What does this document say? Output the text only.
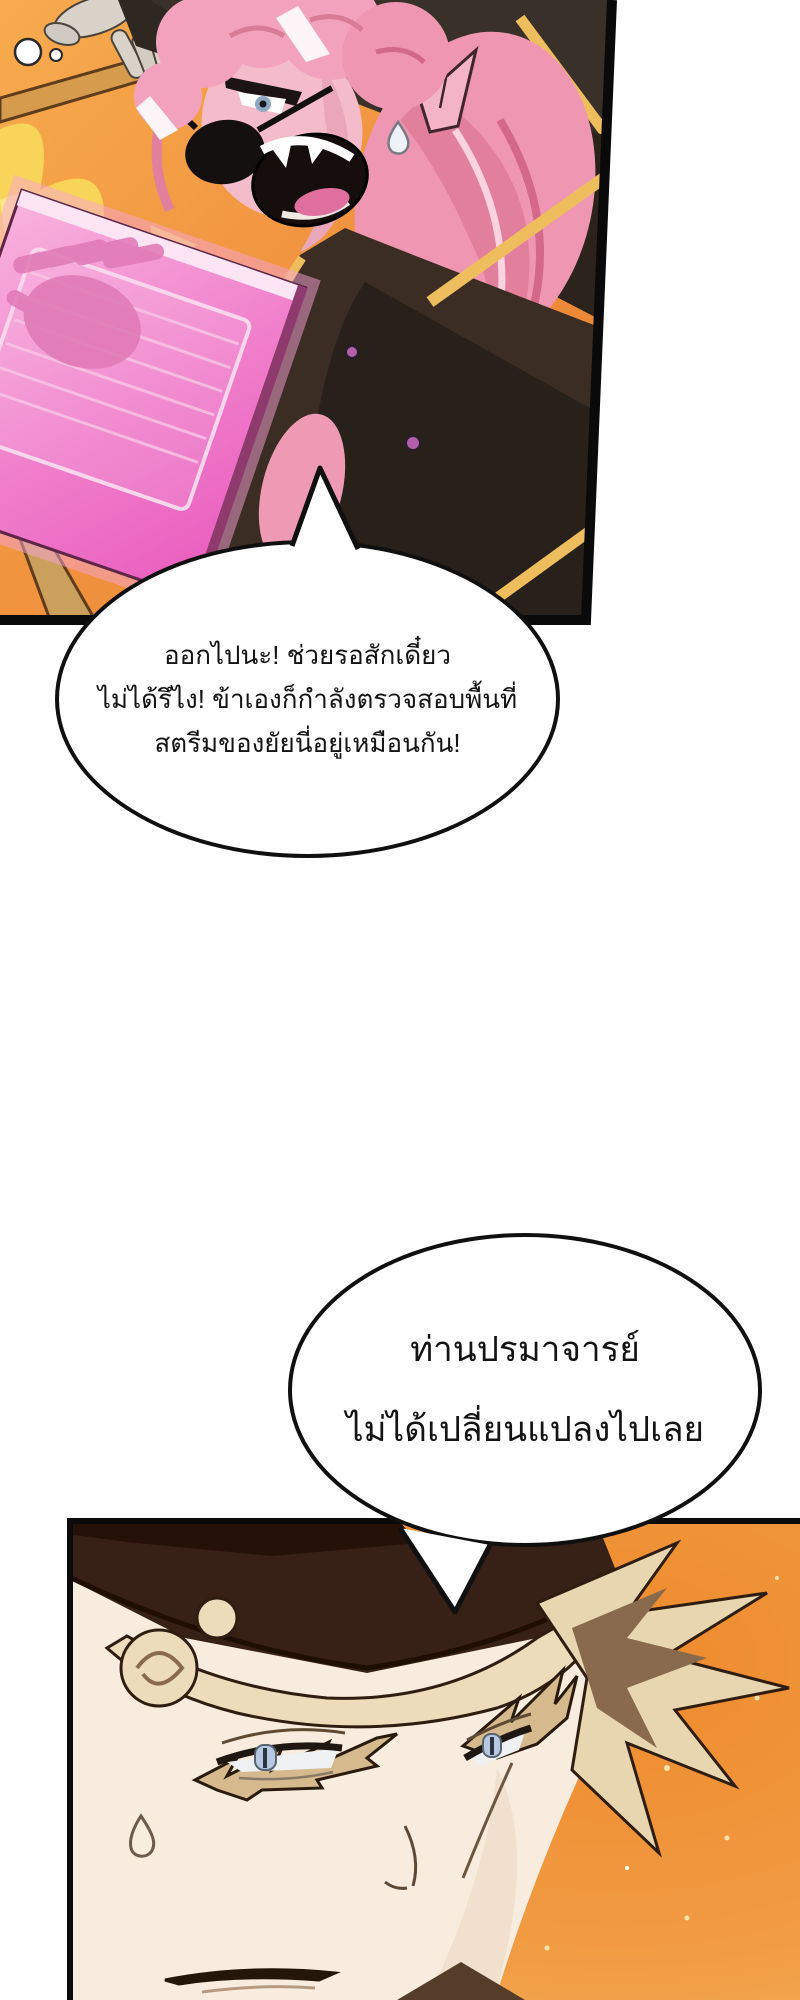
ออกไปนะ! ช่วยรอสักเดี๋ยว
ไม่ได้รึไง! ข้าเองก็กำลังตรวจสอบพื้นที่
สตรีมของยัยนี่อยู่เหมือนกัน!
ท่านปรมาจารย์
ไม่ได้เปลี่ยนแปลงไปเลย
